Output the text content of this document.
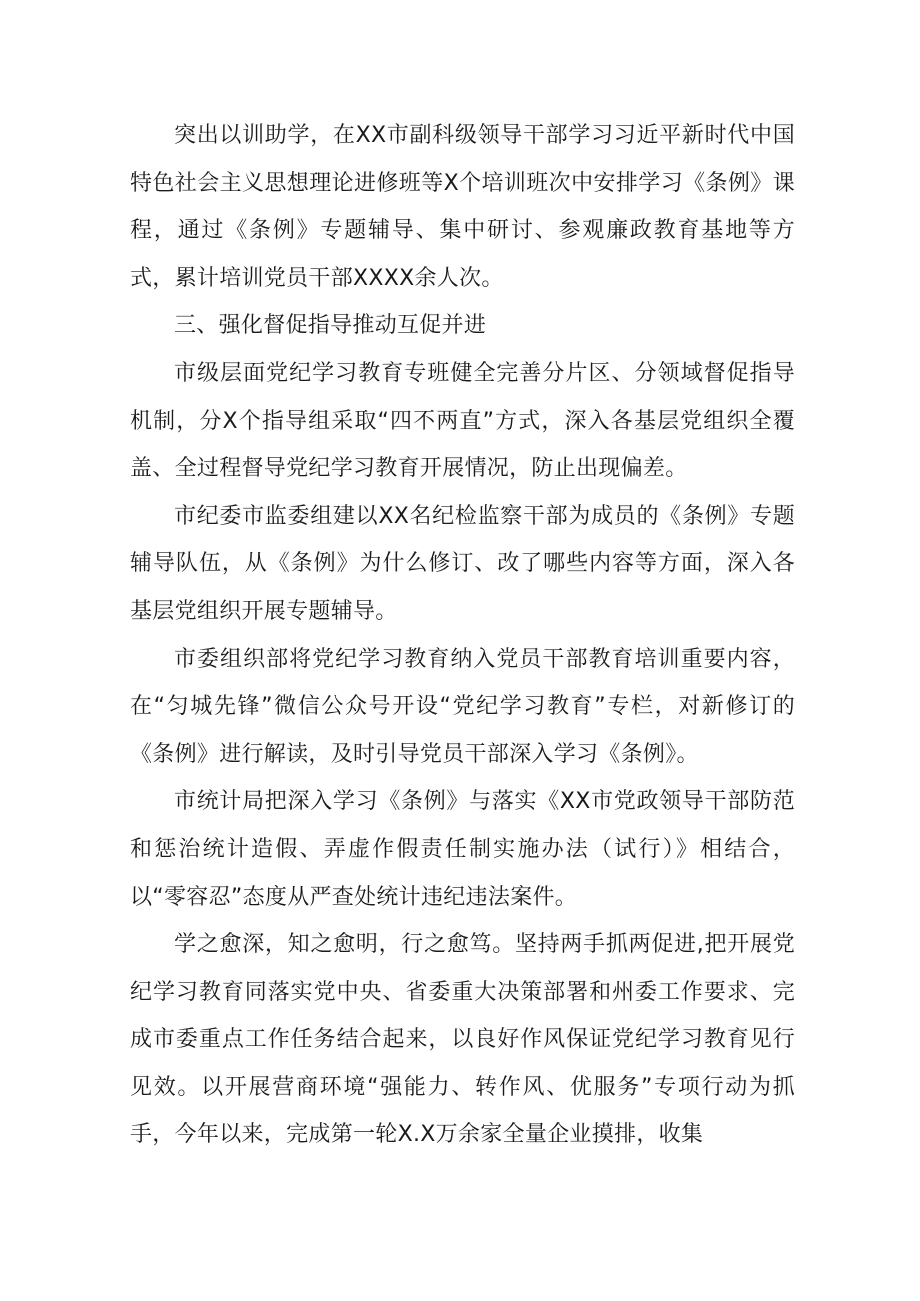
突出以训助学，在XX市副科级领导干部学习习近平新时代中国特色社会主义思想理论进修班等X个培训班次中安排学习《条例》课程，通过《条例》专题辅导、集中研讨、参观廉政教育基地等方式，累计培训党员干部XXXX余人次。

三、强化督促指导推动互促并进

市级层面党纪学习教育专班健全完善分片区、分领域督促指导机制，分X个指导组采取“四不两直”方式，深入各基层党组织全覆盖、全过程督导党纪学习教育开展情况，防止出现偏差。

市纪委市监委组建以XX名纪检监察干部为成员的《条例》专题辅导队伍，从《条例》为什么修订、改了哪些内容等方面，深入各基层党组织开展专题辅导。

市委组织部将党纪学习教育纳入党员干部教育培训重要内容，在“匀城先锋”微信公众号开设“党纪学习教育”专栏，对新修订的《条例》进行解读，及时引导党员干部深入学习《条例》。

市统计局把深入学习《条例》与落实《XX市党政领导干部防范和惩治统计造假、弄虚作假责任制实施办法（试行）》相结合，以“零容忍”态度从严查处统计违纪违法案件。

学之愈深，知之愈明，行之愈笃。坚持两手抓两促进,把开展党纪学习教育同落实党中央、省委重大决策部署和州委工作要求、完成市委重点工作任务结合起来，以良好作风保证党纪学习教育见行见效。以开展营商环境“强能力、转作风、优服务”专项行动为抓手，今年以来，完成第一轮X.X万余家全量企业摸排，收集
